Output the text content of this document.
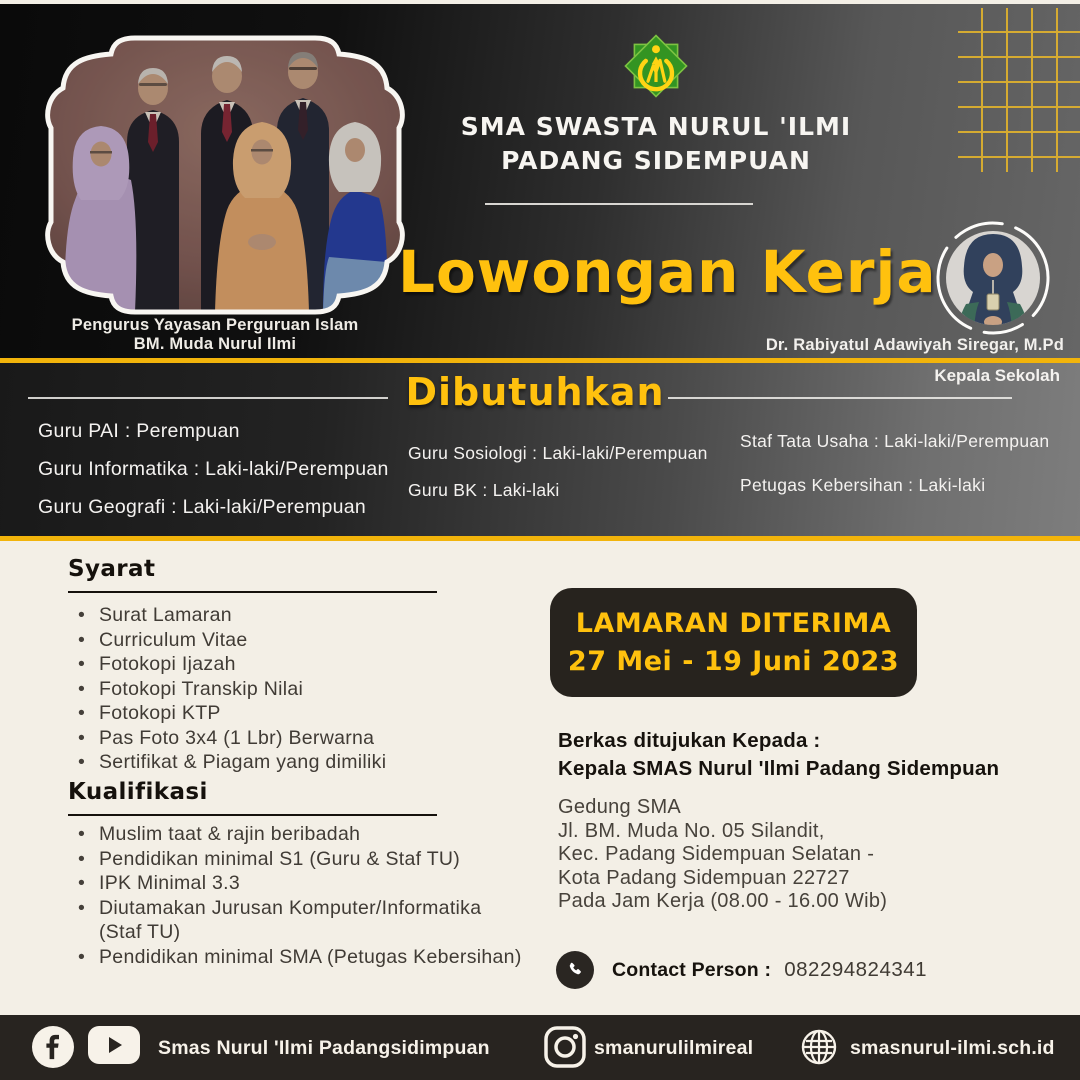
Pengurus Yayasan Perguruan Islam
BM. Muda Nurul Ilmi
SMA SWASTA NURUL 'ILMI
PADANG SIDEMPUAN
Lowongan Kerja
Dr. Rabiyatul Adawiyah Siregar, M.Pd
Kepala Sekolah
Dibutuhkan
Guru PAI : Perempuan
Guru Informatika : Laki-laki/Perempuan
Guru Geografi : Laki-laki/Perempuan
Guru Sosiologi : Laki-laki/Perempuan
Guru BK : Laki-laki
Staf Tata Usaha : Laki-laki/Perempuan
Petugas Kebersihan : Laki-laki
Syarat
• Surat Lamaran
• Curriculum Vitae
• Fotokopi Ijazah
• Fotokopi Transkip Nilai
• Fotokopi KTP
• Pas Foto 3x4 (1 Lbr) Berwarna
• Sertifikat & Piagam yang dimiliki
Kualifikasi
• Muslim taat & rajin beribadah
• Pendidikan minimal S1 (Guru & Staf TU)
• IPK Minimal 3.3
• Diutamakan Jurusan Komputer/Informatika (Staf TU)
• Pendidikan minimal SMA (Petugas Kebersihan)
LAMARAN DITERIMA
27 Mei - 19 Juni 2023
Berkas ditujukan Kepada :
Kepala SMAS Nurul 'Ilmi Padang Sidempuan
Gedung SMA
Jl. BM. Muda No. 05 Silandit,
Kec. Padang Sidempuan Selatan -
Kota Padang Sidempuan 22727
Pada Jam Kerja (08.00 - 16.00 Wib)
Contact Person : 082294824341
Smas Nurul 'Ilmi Padangsidimpuan	smanurulilmireal	smasnurul-ilmi.sch.id
